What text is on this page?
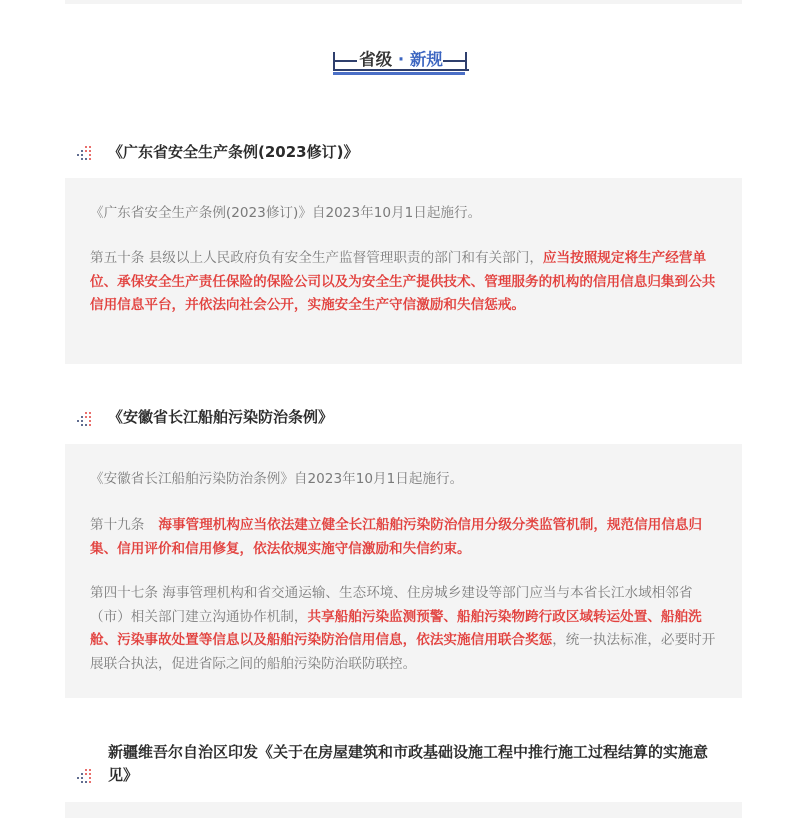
省级 · 新规
《广东省安全生产条例(2023修订)》
《广东省安全生产条例(2023修订)》自2023年10月1日起施行。
第五十条 县级以上人民政府负有安全生产监督管理职责的部门和有关部门，应当按照规定将生产经营单位、承保安全生产责任保险的保险公司以及为安全生产提供技术、管理服务的机构的信用信息归集到公共信用信息平台，并依法向社会公开，实施安全生产守信激励和失信惩戒。
《安徽省长江船舶污染防治条例》
《安徽省长江船舶污染防治条例》自2023年10月1日起施行。
第十九条 海事管理机构应当依法建立健全长江船舶污染防治信用分级分类监管机制，规范信用信息归集、信用评价和信用修复，依法依规实施守信激励和失信约束。
第四十七条 海事管理机构和省交通运输、生态环境、住房城乡建设等部门应当与本省长江水域相邻省（市）相关部门建立沟通协作机制，共享船舶污染监测预警、船舶污染物跨行政区域转运处置、船舶洗舱、污染事故处置等信息以及船舶污染防治信用信息，依法实施信用联合奖惩，统一执法标准，必要时开展联合执法，促进省际之间的船舶污染防治联防联控。
新疆维吾尔自治区印发《关于在房屋建筑和市政基础设施工程中推行施工过程结算的实施意
见》
